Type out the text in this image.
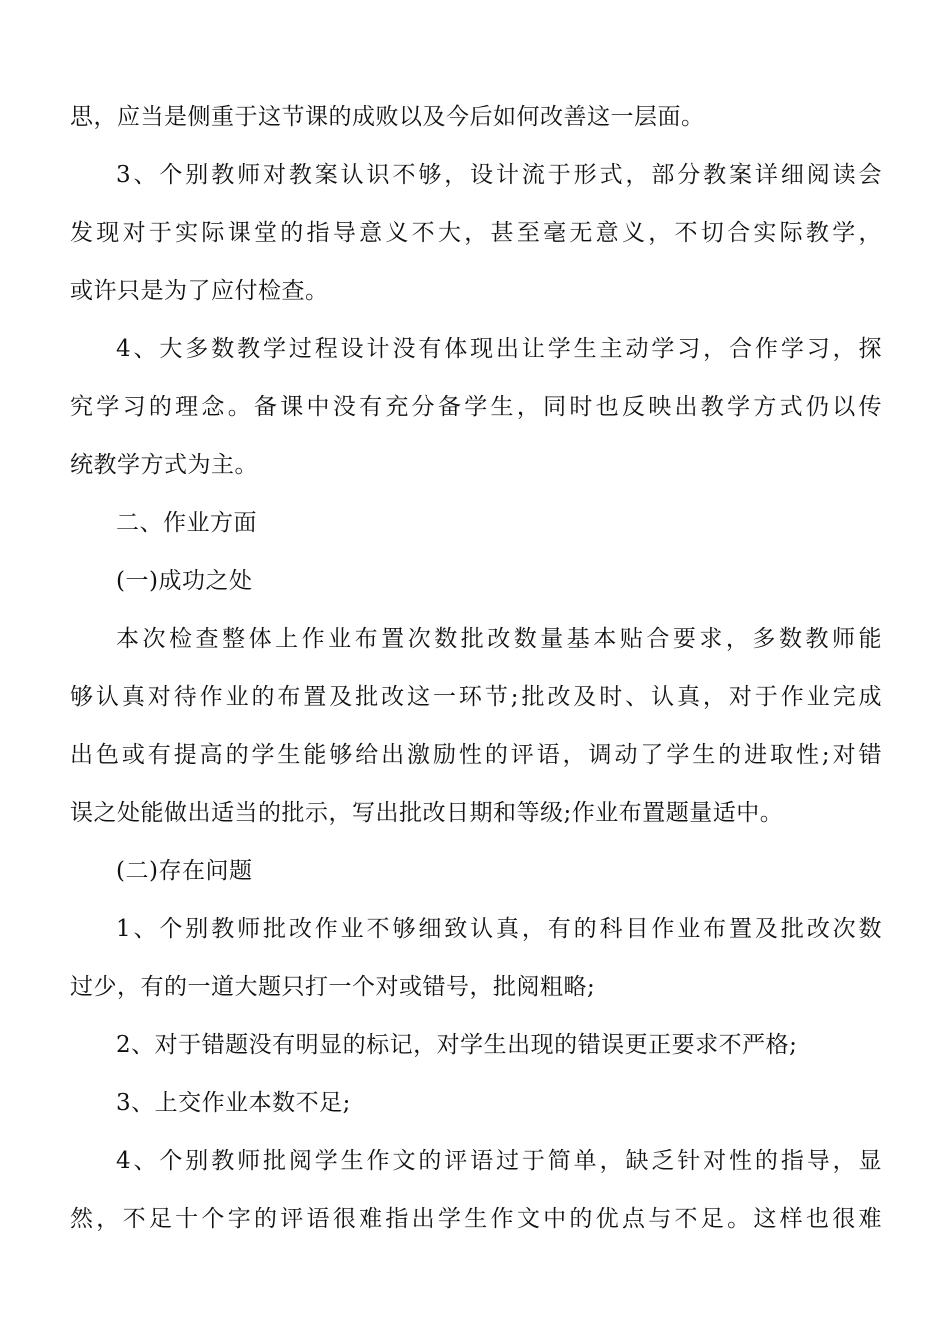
思，应当是侧重于这节课的成败以及今后如何改善这一层面。
3、个别教师对教案认识不够，设计流于形式，部分教案详细阅读会
发现对于实际课堂的指导意义不大，甚至毫无意义，不切合实际教学，
或许只是为了应付检查。
4、大多数教学过程设计没有体现出让学生主动学习，合作学习，探
究学习的理念。备课中没有充分备学生，同时也反映出教学方式仍以传
统教学方式为主。
二、作业方面
(一)成功之处
本次检查整体上作业布置次数批改数量基本贴合要求，多数教师能
够认真对待作业的布置及批改这一环节;批改及时、认真，对于作业完成
出色或有提高的学生能够给出激励性的评语，调动了学生的进取性;对错
误之处能做出适当的批示，写出批改日期和等级;作业布置题量适中。
(二)存在问题
1、个别教师批改作业不够细致认真，有的科目作业布置及批改次数
过少，有的一道大题只打一个对或错号，批阅粗略;
2、对于错题没有明显的标记，对学生出现的错误更正要求不严格;
3、上交作业本数不足;
4、个别教师批阅学生作文的评语过于简单，缺乏针对性的指导，显
然，不足十个字的评语很难指出学生作文中的优点与不足。这样也很难
